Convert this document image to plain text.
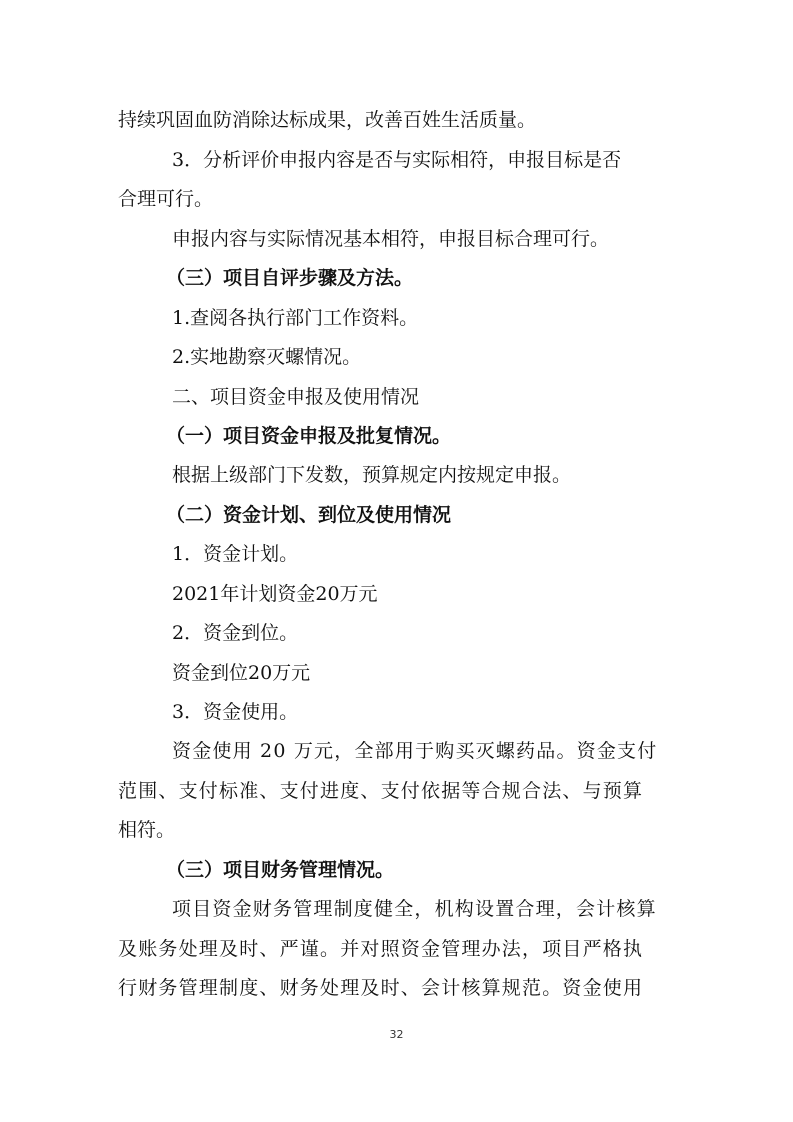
持续巩固血防消除达标成果，改善百姓生活质量。
3．分析评价申报内容是否与实际相符，申报目标是否
合理可行。
申报内容与实际情况基本相符，申报目标合理可行。
（三）项目自评步骤及方法。
1.查阅各执行部门工作资料。
2.实地勘察灭螺情况。
二、项目资金申报及使用情况
（一）项目资金申报及批复情况。
根据上级部门下发数，预算规定内按规定申报。
（二）资金计划、到位及使用情况
1．资金计划。
2021年计划资金20万元
2．资金到位。
资金到位20万元
3．资金使用。
资金使用 20 万元，全部用于购买灭螺药品。资金支付
范围、支付标准、支付进度、支付依据等合规合法、与预算
相符。
（三）项目财务管理情况。
项目资金财务管理制度健全，机构设置合理，会计核算
及账务处理及时、严谨。并对照资金管理办法，项目严格执
行财务管理制度、财务处理及时、会计核算规范。资金使用
32
